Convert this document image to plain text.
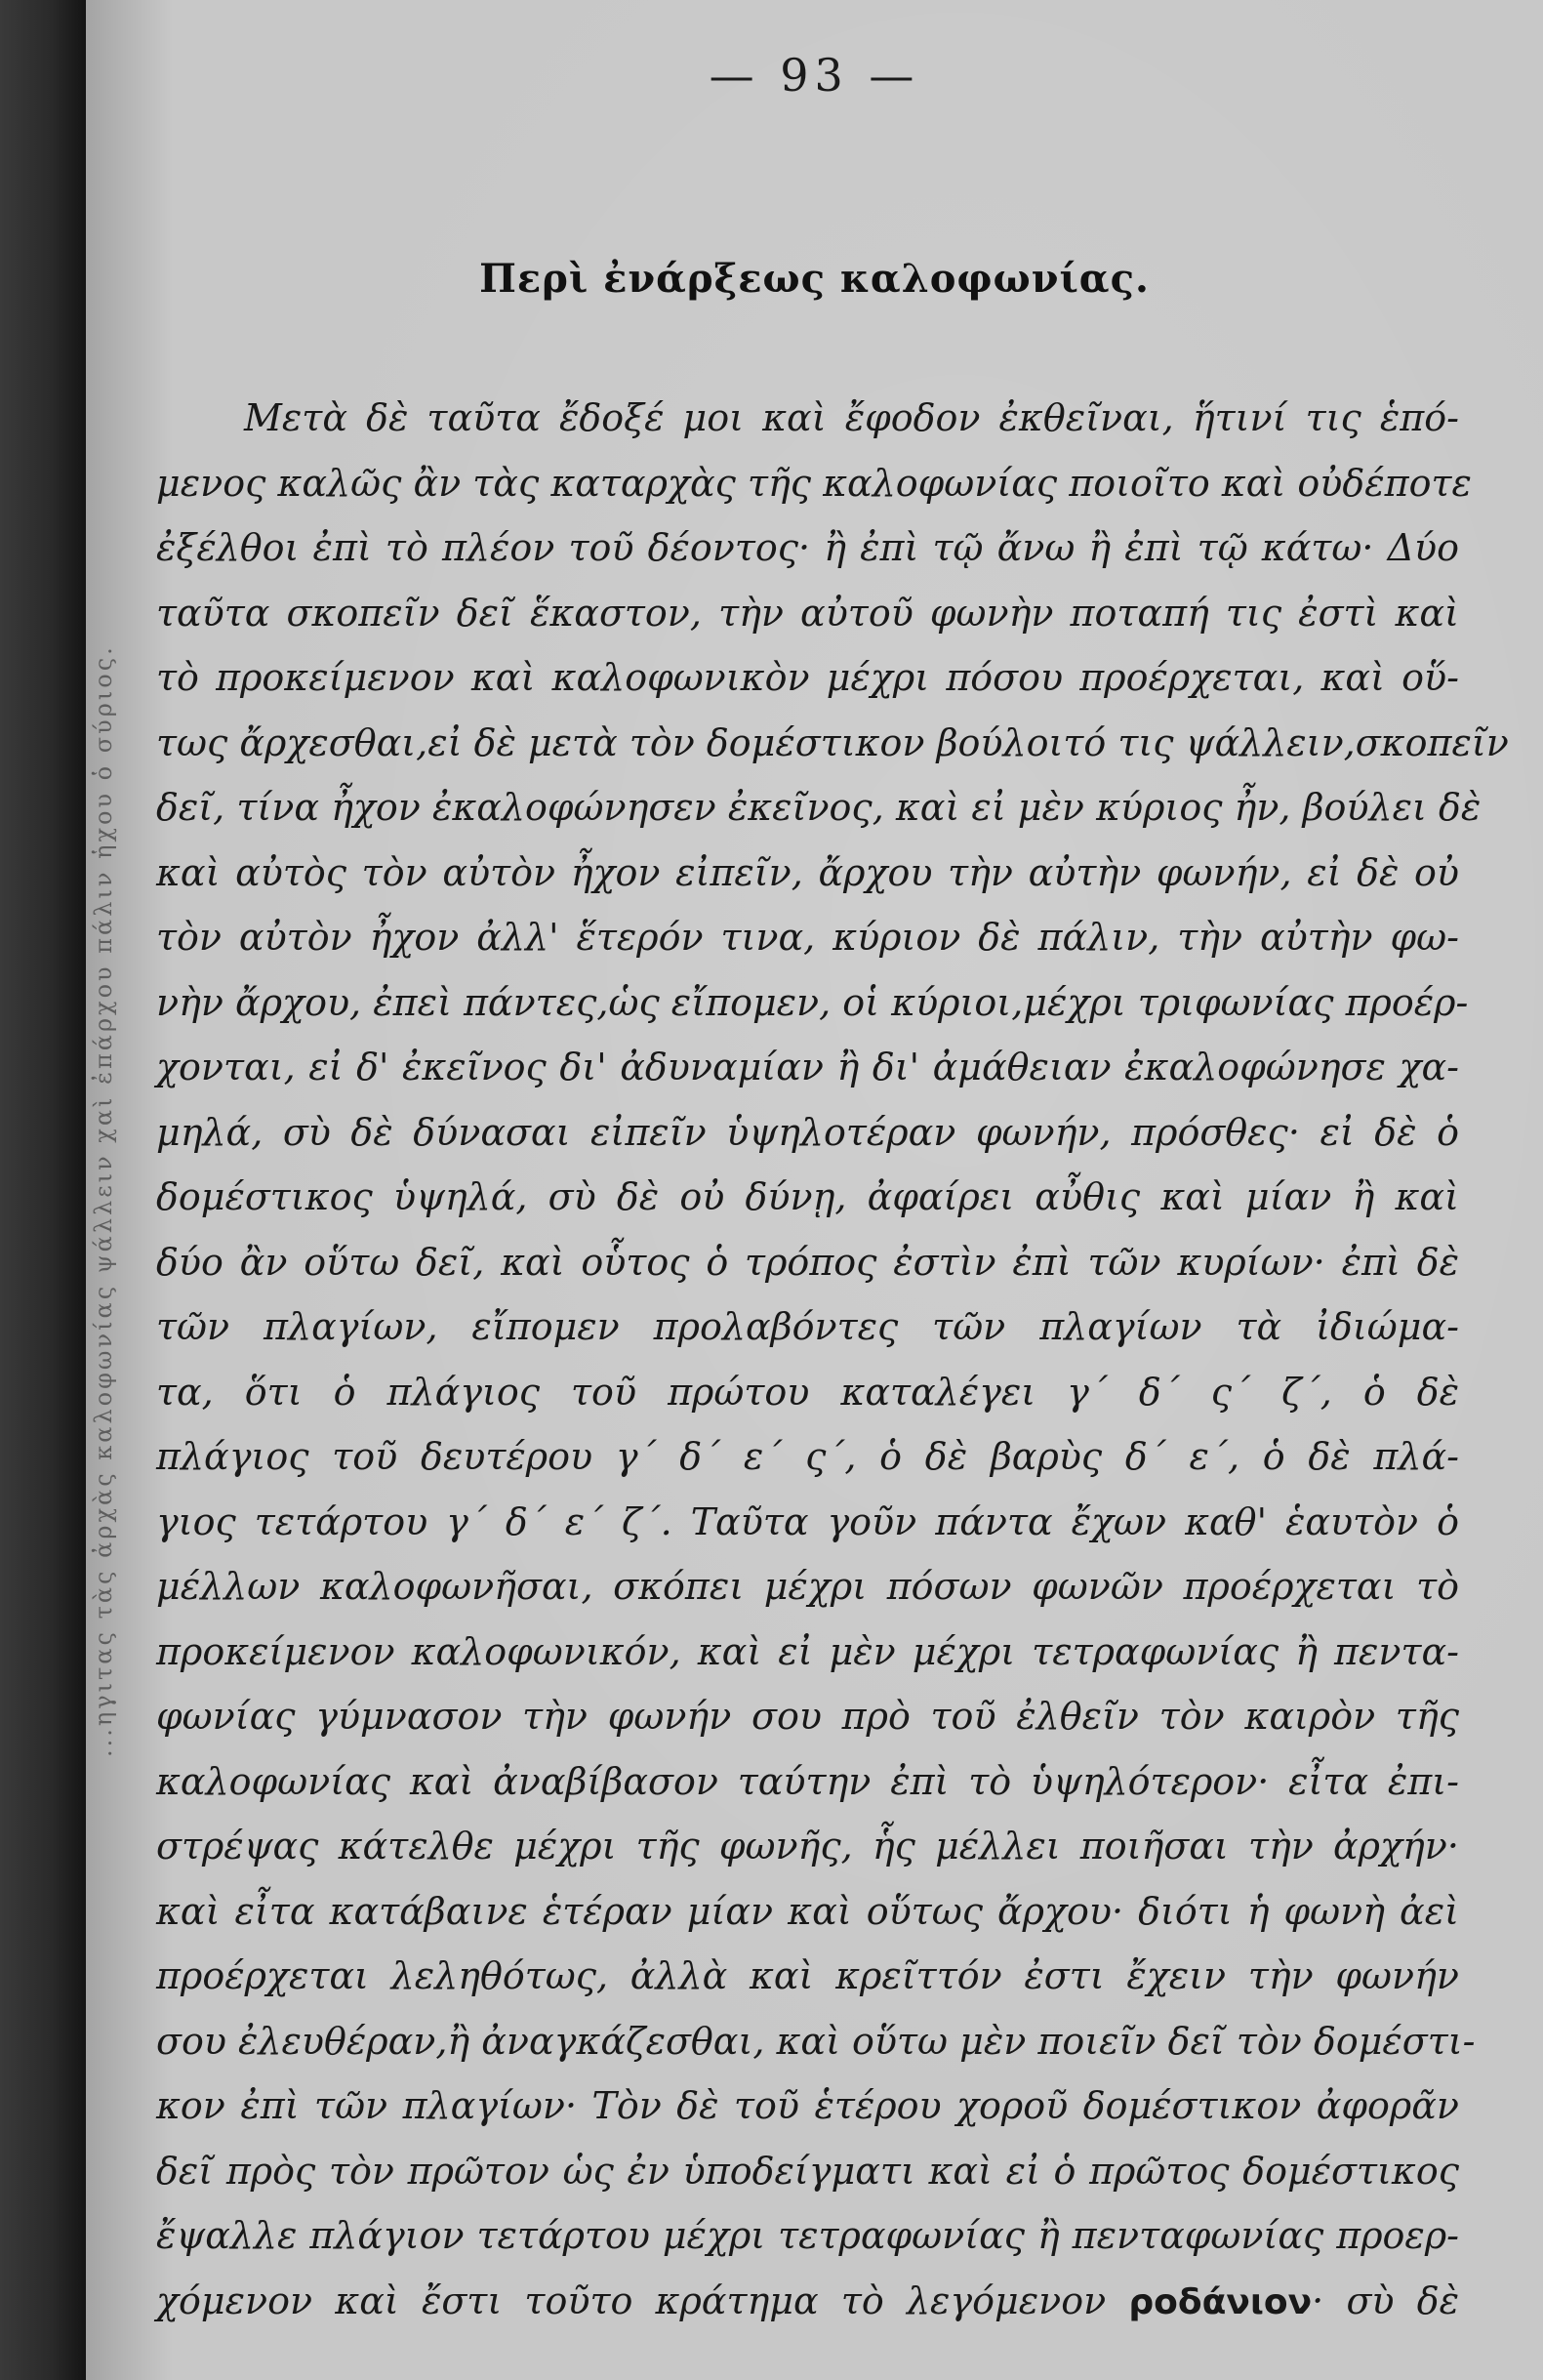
...ηγιτας τὰς ἀρχὰς καλοφωνίας ψάλλειν χαὶ ἐπάρχου πάλιν ἡχου ὁ σύριος.
— 93 —
Περὶ ἐνάρξεως καλοφωνίας.
Μετὰ δὲ ταῦτα ἔδοξέ μοι καὶ ἔφοδον ἐκθεῖναι, ἥτινί τις ἑπό-
μενος καλῶς ἂν τὰς καταρχὰς τῆς καλοφωνίας ποιοῖτο καὶ οὐδέποτε
ἐξέλθοι ἐπὶ τὸ πλέον τοῦ δέοντος· ἢ ἐπὶ τῷ ἄνω ἢ ἐπὶ τῷ κάτω· Δύο
ταῦτα σκοπεῖν δεῖ ἕκαστον, τὴν αὐτοῦ φωνὴν ποταπή τις ἐστὶ καὶ
τὸ προκείμενον καὶ καλοφωνικὸν μέχρι πόσου προέρχεται, καὶ οὕ-
τως ἄρχεσθαι,εἰ δὲ μετὰ τὸν δομέστικον βούλοιτό τις ψάλλειν,σκοπεῖν
δεῖ, τίνα ἦχον ἐκαλοφώνησεν ἐκεῖνος, καὶ εἰ μὲν κύριος ἦν, βούλει δὲ
καὶ αὐτὸς τὸν αὐτὸν ἦχον εἰπεῖν, ἄρχου τὴν αὐτὴν φωνήν, εἰ δὲ οὐ
τὸν αὐτὸν ἦχον ἀλλ' ἕτερόν τινα, κύριον δὲ πάλιν, τὴν αὐτὴν φω-
νὴν ἄρχου, ἐπεὶ πάντες,ὡς εἴπομεν, οἱ κύριοι,μέχρι τριφωνίας προέρ-
χονται, εἰ δ' ἐκεῖνος δι' ἀδυναμίαν ἢ δι' ἀμάθειαν ἐκαλοφώνησε χα-
μηλά, σὺ δὲ δύνασαι εἰπεῖν ὑψηλοτέραν φωνήν, πρόσθες· εἰ δὲ ὁ
δομέστικος ὑψηλά, σὺ δὲ οὐ δύνῃ, ἀφαίρει αὖθις καὶ μίαν ἢ καὶ
δύο ἂν οὕτω δεῖ, καὶ οὗτος ὁ τρόπος ἐστὶν ἐπὶ τῶν κυρίων· ἐπὶ δὲ
τῶν πλαγίων, εἴπομεν προλαβόντες τῶν πλαγίων τὰ ἰδιώμα-
τα, ὅτι ὁ πλάγιος τοῦ πρώτου καταλέγει γ΄ δ΄ ς΄ ζ΄, ὁ δὲ
πλάγιος τοῦ δευτέρου γ΄ δ΄ ε΄ ς΄, ὁ δὲ βαρὺς δ΄ ε΄, ὁ δὲ πλά-
γιος τετάρτου γ΄ δ΄ ε΄ ζ΄. Ταῦτα γοῦν πάντα ἔχων καθ' ἑαυτὸν ὁ
μέλλων καλοφωνῆσαι, σκόπει μέχρι πόσων φωνῶν προέρχεται τὸ
προκείμενον καλοφωνικόν, καὶ εἰ μὲν μέχρι τετραφωνίας ἢ πεντα-
φωνίας γύμνασον τὴν φωνήν σου πρὸ τοῦ ἐλθεῖν τὸν καιρὸν τῆς
καλοφωνίας καὶ ἀναβίβασον ταύτην ἐπὶ τὸ ὑψηλότερον· εἶτα ἐπι-
στρέψας κάτελθε μέχρι τῆς φωνῆς, ἧς μέλλει ποιῆσαι τὴν ἀρχήν·
καὶ εἶτα κατάβαινε ἑτέραν μίαν καὶ οὕτως ἄρχου· διότι ἡ φωνὴ ἀεὶ
προέρχεται λεληθότως, ἀλλὰ καὶ κρεῖττόν ἐστι ἔχειν τὴν φωνήν
σου ἐλευθέραν,ἢ ἀναγκάζεσθαι, καὶ οὕτω μὲν ποιεῖν δεῖ τὸν δομέστι-
κον ἐπὶ τῶν πλαγίων· Τὸν δὲ τοῦ ἑτέρου χοροῦ δομέστικον ἀφορᾶν
δεῖ πρὸς τὸν πρῶτον ὡς ἐν ὑποδείγματι καὶ εἰ ὁ πρῶτος δομέστικος
ἔψαλλε πλάγιον τετάρτου μέχρι τετραφωνίας ἢ πενταφωνίας προερ-
χόμενον καὶ ἔστι τοῦτο κράτημα τὸ λεγόμενον ροδάνιον· σὺ δὲ
